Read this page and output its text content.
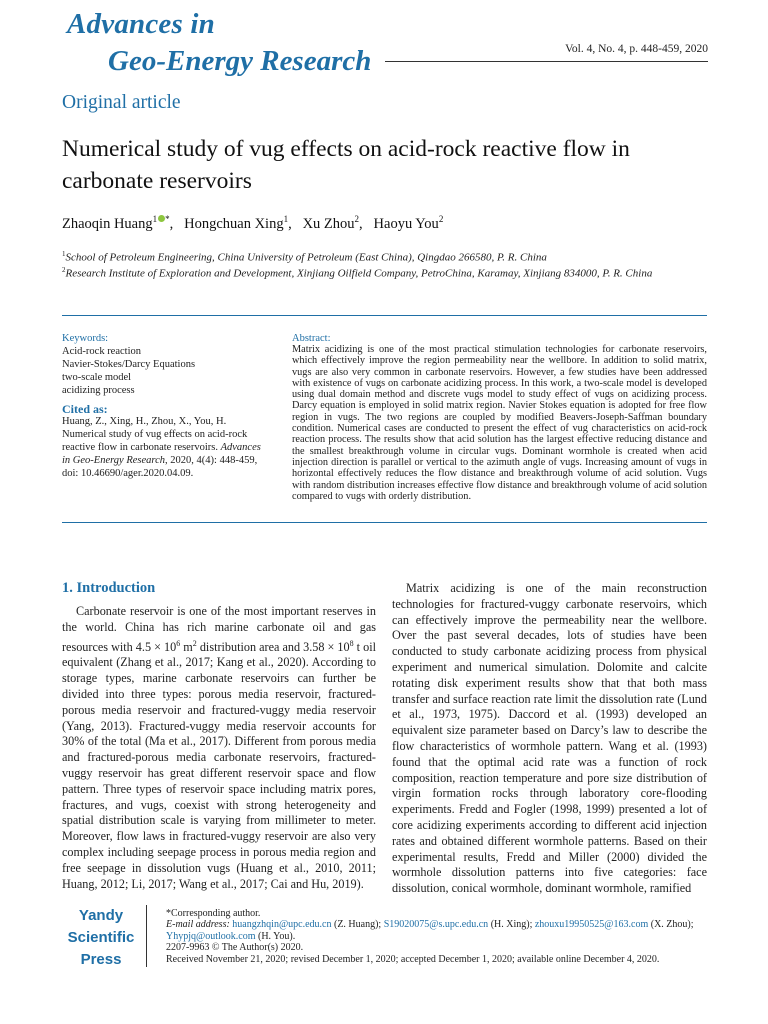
Advances in
Geo-Energy Research	Vol. 4, No. 4, p. 448-459, 2020
Original article
Numerical study of vug effects on acid-rock reactive flow in carbonate reservoirs
Zhaoqin Huang$^1$ *,   Hongchuan Xing$^1$,   Xu Zhou$^2$,   Haoyu You$^2$
$^1$School of Petroleum Engineering, China University of Petroleum (East China), Qingdao 266580, P. R. China
$^2$Research Institute of Exploration and Development, Xinjiang Oilfield Company, PetroChina, Karamay, Xinjiang 834000, P. R. China
Keywords:
Acid-rock reaction
Navier-Stokes/Darcy Equations
two-scale model
acidizing process
Cited as:
Huang, Z., Xing, H., Zhou, X., You, H. Numerical study of vug effects on acid-rock reactive flow in carbonate reservoirs. Advances in Geo-Energy Research, 2020, 4(4): 448-459, doi: 10.46690/ager.2020.04.09.
Abstract:
Matrix acidizing is one of the most practical stimulation technologies for carbonate reservoirs, which effectively improve the region permeability near the wellbore. In addition to solid matrix, vugs are also very common in carbonate reservoirs. However, a few studies have been addressed with existence of vugs on carbonate acidizing process. In this work, a two-scale model is developed using dual domain method and discrete vugs model to study effect of vugs on acidizing process. Darcy equation is employed in solid matrix region. Navier Stokes equation is adopted for free flow region in vugs. The two regions are coupled by modified Beavers-Joseph-Saffman boundary condition. Numerical cases are conducted to present the effect of vug characteristics on acid-rock reaction process. The results show that acid solution has the largest effective reducing distance and the smallest breakthrough volume in circular vugs. Dominant wormhole is created when acid injection direction is parallel or vertical to the azimuth angle of vugs. Increasing amount of vugs in horizontal effectively reduces the flow distance and breakthrough volume of acid solution. Vugs with random distribution increases effective flow distance and breakthrough volume of acid solution compared to vugs with orderly distribution.
1. Introduction
Carbonate reservoir is one of the most important reserves in the world. China has rich marine carbonate oil and gas resources with $4.5 \times 10^6$ $m^2$ distribution area and $3.58 \times 10^8$ t oil equivalent (Zhang et al., 2017; Kang et al., 2020). According to storage types, marine carbonate reservoirs can further be divided into three types: porous media reservoir, fractured-porous media reservoir and fractured-vuggy media reservoir (Yang, 2013). Fractured-vuggy media reservoir accounts for 30% of the total (Ma et al., 2017). Different from porous media and fractured-porous media carbonate reservoirs, fractured-vuggy reservoir has great different reservoir space and flow pattern. Three types of reservoir space including matrix pores, fractures, and vugs, coexist with strong heterogeneity and spatial distribution scale is varying from millimeter to meter. Moreover, flow laws in fractured-vuggy reservoir are also very complex including seepage process in porous media region and free seepage in dissolution vugs (Huang et al., 2010, 2011; Huang, 2012; Li, 2017; Wang et al., 2017; Cai and Hu, 2019).
Matrix acidizing is one of the main reconstruction technologies for fractured-vuggy carbonate reservoirs, which can effectively improve the permeability near the wellbore. Over the past several decades, lots of studies have been conducted to study carbonate acidizing process from physical experiment and numerical simulation. Dolomite and calcite rotating disk experiment results show that that both mass transfer and surface reaction rate limit the dissolution rate (Lund et al., 1973, 1975). Daccord et al. (1993) developed an equivalent size parameter based on Darcy’s law to describe the flow characteristics of wormhole pattern. Wang et al. (1993) found that the optimal acid rate was a function of rock composition, reaction temperature and pore size distribution of virgin formation rocks through laboratory core-flooding experiments. Fredd and Fogler (1998, 1999) presented a lot of core acidizing experiments according to different acid injection rates and obtained different wormhole patterns. Based on their experimental results, Fredd and Miller (2000) divided the wormhole dissolution patterns into five categories: face dissolution, conical wormhole, dominant wormhole, ramified
Yandy
Scientific
Press
*Corresponding author.
E-mail address: huangzhqin@upc.edu.cn (Z. Huang); S19020075@s.upc.edu.cn (H. Xing); zhouxu19950525@163.com (X. Zhou);
Yhypjq@outlook.com (H. You).
2207-9963 © The Author(s) 2020.
Received November 21, 2020; revised December 1, 2020; accepted December 1, 2020; available online December 4, 2020.
